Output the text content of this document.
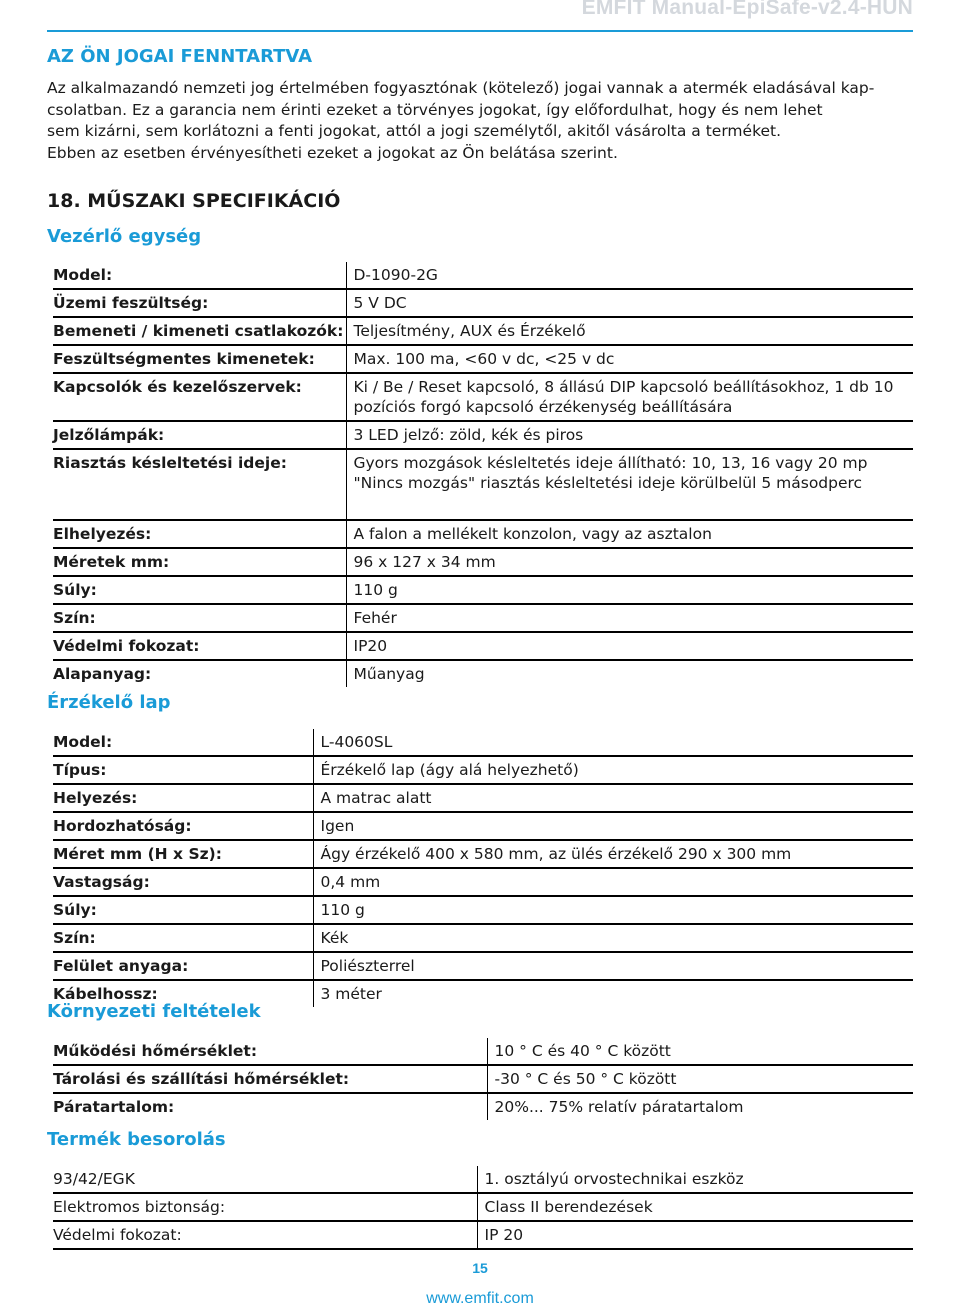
EMFIT Manual-EpiSafe-v2.4-HUN
AZ ÖN JOGAI FENNTARTVA

Az alkalmazandó nemzeti jog értelmében fogyasztónak (kötelező) jogai vannak a atermék eladásával kap-
csolatban. Ez a garancia nem érinti ezeket a törvényes jogokat, így előfordulhat, hogy és nem lehet
sem kizárni, sem korlátozni a fenti jogokat, attól a jogi személytől, akitől vásárolta a terméket.
Ebben az esetben érvényesítheti ezeket a jogokat az Ön belátása szerint.

18. MŰSZAKI SPECIFIKÁCIÓ
Vezérlő egység
Model:	D-1090-2G
Üzemi feszültség:	5 V DC
Bemeneti / kimeneti csatlakozók:	Teljesítmény, AUX és Érzékelő
Feszültségmentes kimenetek:	Max. 100 ma, <60 v dc, <25 v dc
Kapcsolók és kezelőszervek:	Ki / Be / Reset kapcsoló, 8 állású DIP kapcsoló beállításokhoz, 1 db 10 pozíciós forgó kapcsoló érzékenység beállítására
Jelzőlámpák:	3 LED jelző: zöld, kék és piros
Riasztás késleltetési ideje:	Gyors mozgások késleltetés ideje állítható: 10, 13, 16 vagy 20 mp "Nincs mozgás" riasztás késleltetési ideje körülbelül 5 másodperc

Elhelyezés:	A falon a mellékelt konzolon, vagy az asztalon
Méretek mm:	96 x 127 x 34 mm
Súly:	110 g
Szín:	Fehér
Védelmi fokozat:	IP20
Alapanyag:	Műanyag
Érzékelő lap
Model:	L-4060SL
Típus:	Érzékelő lap (ágy alá helyezhető)
Helyezés:	A matrac alatt
Hordozhatóság:	Igen
Méret mm (H x Sz):	Ágy érzékelő 400 x 580 mm, az ülés érzékelő 290 x 300 mm
Vastagság:	0,4 mm
Súly:	110 g
Szín:	Kék
Felület anyaga:	Poliészterrel
Kábelhossz:	3 méter
Környezeti feltételek
Működési hőmérséklet:	10 ° C és 40 ° C között
Tárolási és szállítási hőmérséklet:	-30 ° C és 50 ° C között
Páratartalom:	20%... 75% relatív páratartalom
Termék besorolás
93/42/EGK	1. osztályú orvostechnikai eszköz
Elektromos biztonság:	Class II berendezések
Védelmi fokozat:	IP 20
15
www.emfit.com
